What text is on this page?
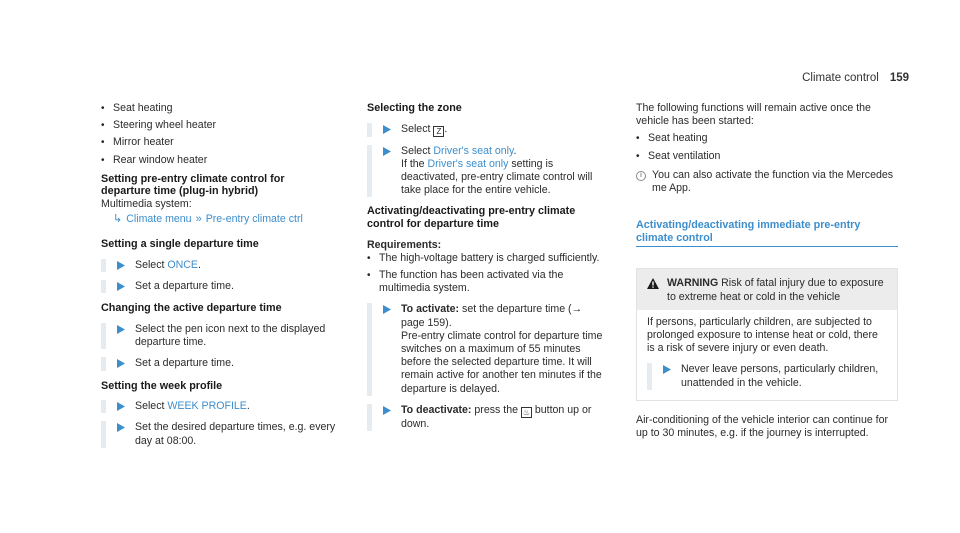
Climate control 159
• Seat heating
• Steering wheel heater
• Mirror heater
• Rear window heater
Setting pre-entry climate control for departure time (plug-in hybrid)
Multimedia system:
↳ Climate menu » Pre-entry climate ctrl
Setting a single departure time
Select ONCE.
Set a departure time.
Changing the active departure time
Select the pen icon next to the displayed departure time.
Set a departure time.
Setting the week profile
Select WEEK PROFILE.
Set the desired departure times, e.g. every day at 08:00.
Selecting the zone
Select Z .
Select Driver's seat only.
If the Driver's seat only setting is deactivated, pre-entry climate control will take place for the entire vehicle.
Activating/deactivating pre-entry climate control for departure time
Requirements:
• The high-voltage battery is charged sufficiently.
• The function has been activated via the multimedia system.
To activate: set the departure time (→ page 159).
Pre-entry climate control for departure time switches on a maximum of 55 minutes before the selected departure time. It will remain active for another ten minutes if the departure is delayed.
To deactivate: press the ♨ button up or down.
The following functions will remain active once the vehicle has been started:
• Seat heating
• Seat ventilation
i You can also activate the function via the Mercedes me App.
Activating/deactivating immediate pre-entry climate control
WARNING Risk of fatal injury due to exposure to extreme heat or cold in the vehicle
If persons, particularly children, are subjected to prolonged exposure to intense heat or cold, there is a risk of severe injury or even death.
Never leave persons, particularly children, unattended in the vehicle.
Air-conditioning of the vehicle interior can continue for up to 30 minutes, e.g. if the journey is interrupted.
